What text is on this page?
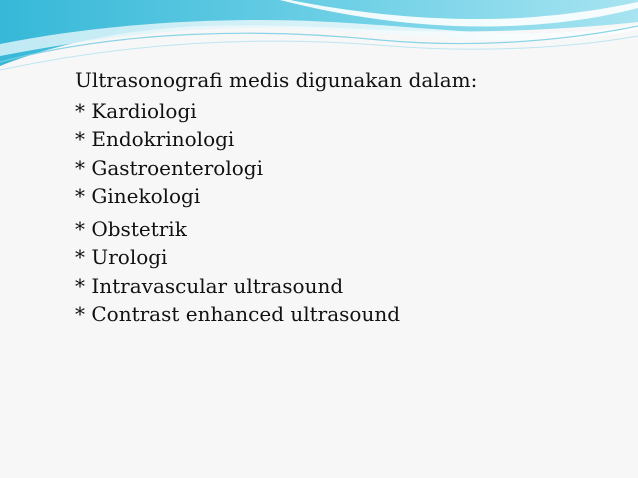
Ultrasonografi medis digunakan dalam:

* Kardiologi
* Endokrinologi
* Gastroenterologi
* Ginekologi
* Obstetrik
* Urologi
* Intravascular ultrasound
* Contrast enhanced ultrasound
